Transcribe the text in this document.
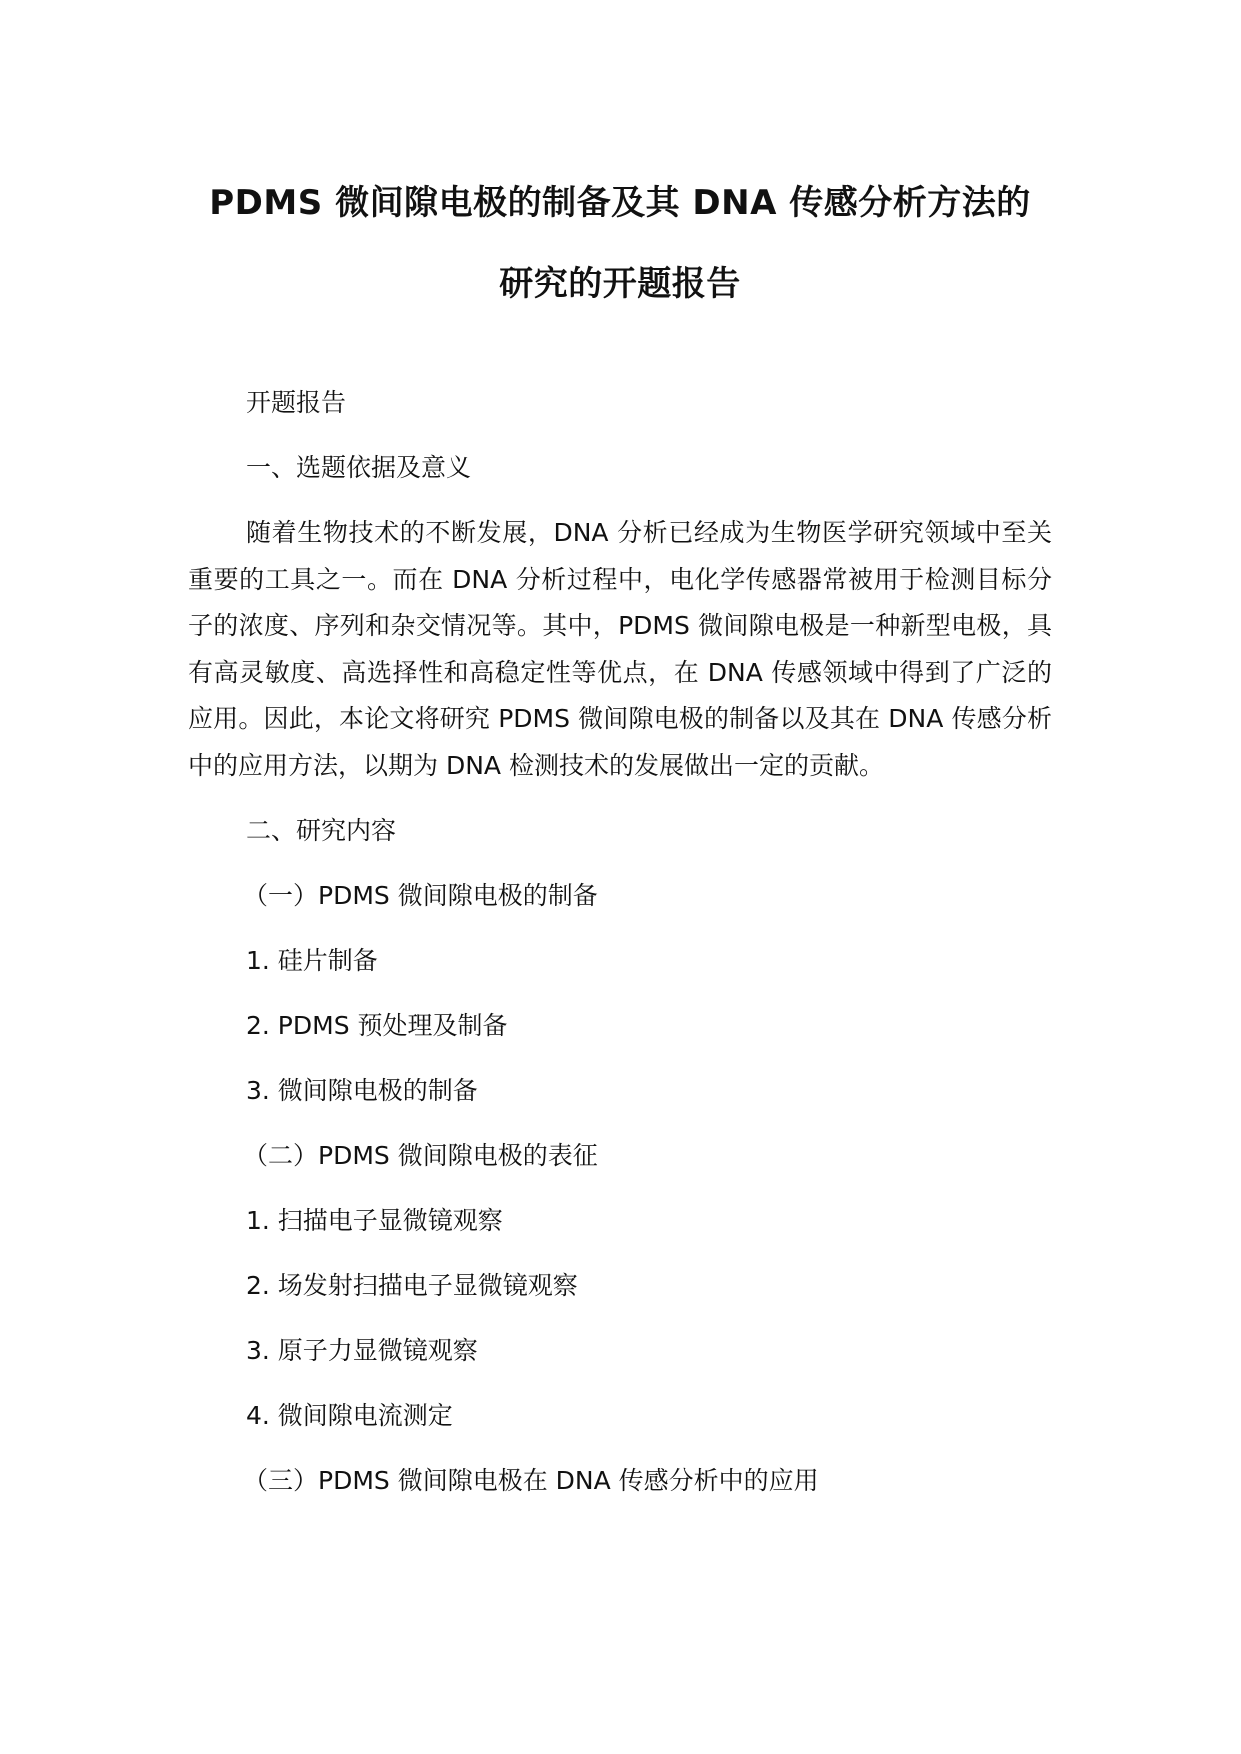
PDMS 微间隙电极的制备及其 DNA 传感分析方法的
研究的开题报告

开题报告

一、选题依据及意义

随着生物技术的不断发展，DNA 分析已经成为生物医学研究领域中至关重要的工具之一。而在 DNA 分析过程中，电化学传感器常被用于检测目标分子的浓度、序列和杂交情况等。其中，PDMS 微间隙电极是一种新型电极，具有高灵敏度、高选择性和高稳定性等优点，在 DNA 传感领域中得到了广泛的应用。因此，本论文将研究 PDMS 微间隙电极的制备以及其在 DNA 传感分析中的应用方法，以期为 DNA 检测技术的发展做出一定的贡献。

二、研究内容

（一）PDMS 微间隙电极的制备

1. 硅片制备

2. PDMS 预处理及制备

3. 微间隙电极的制备

（二）PDMS 微间隙电极的表征

1. 扫描电子显微镜观察

2. 场发射扫描电子显微镜观察

3. 原子力显微镜观察

4. 微间隙电流测定

（三）PDMS 微间隙电极在 DNA 传感分析中的应用
